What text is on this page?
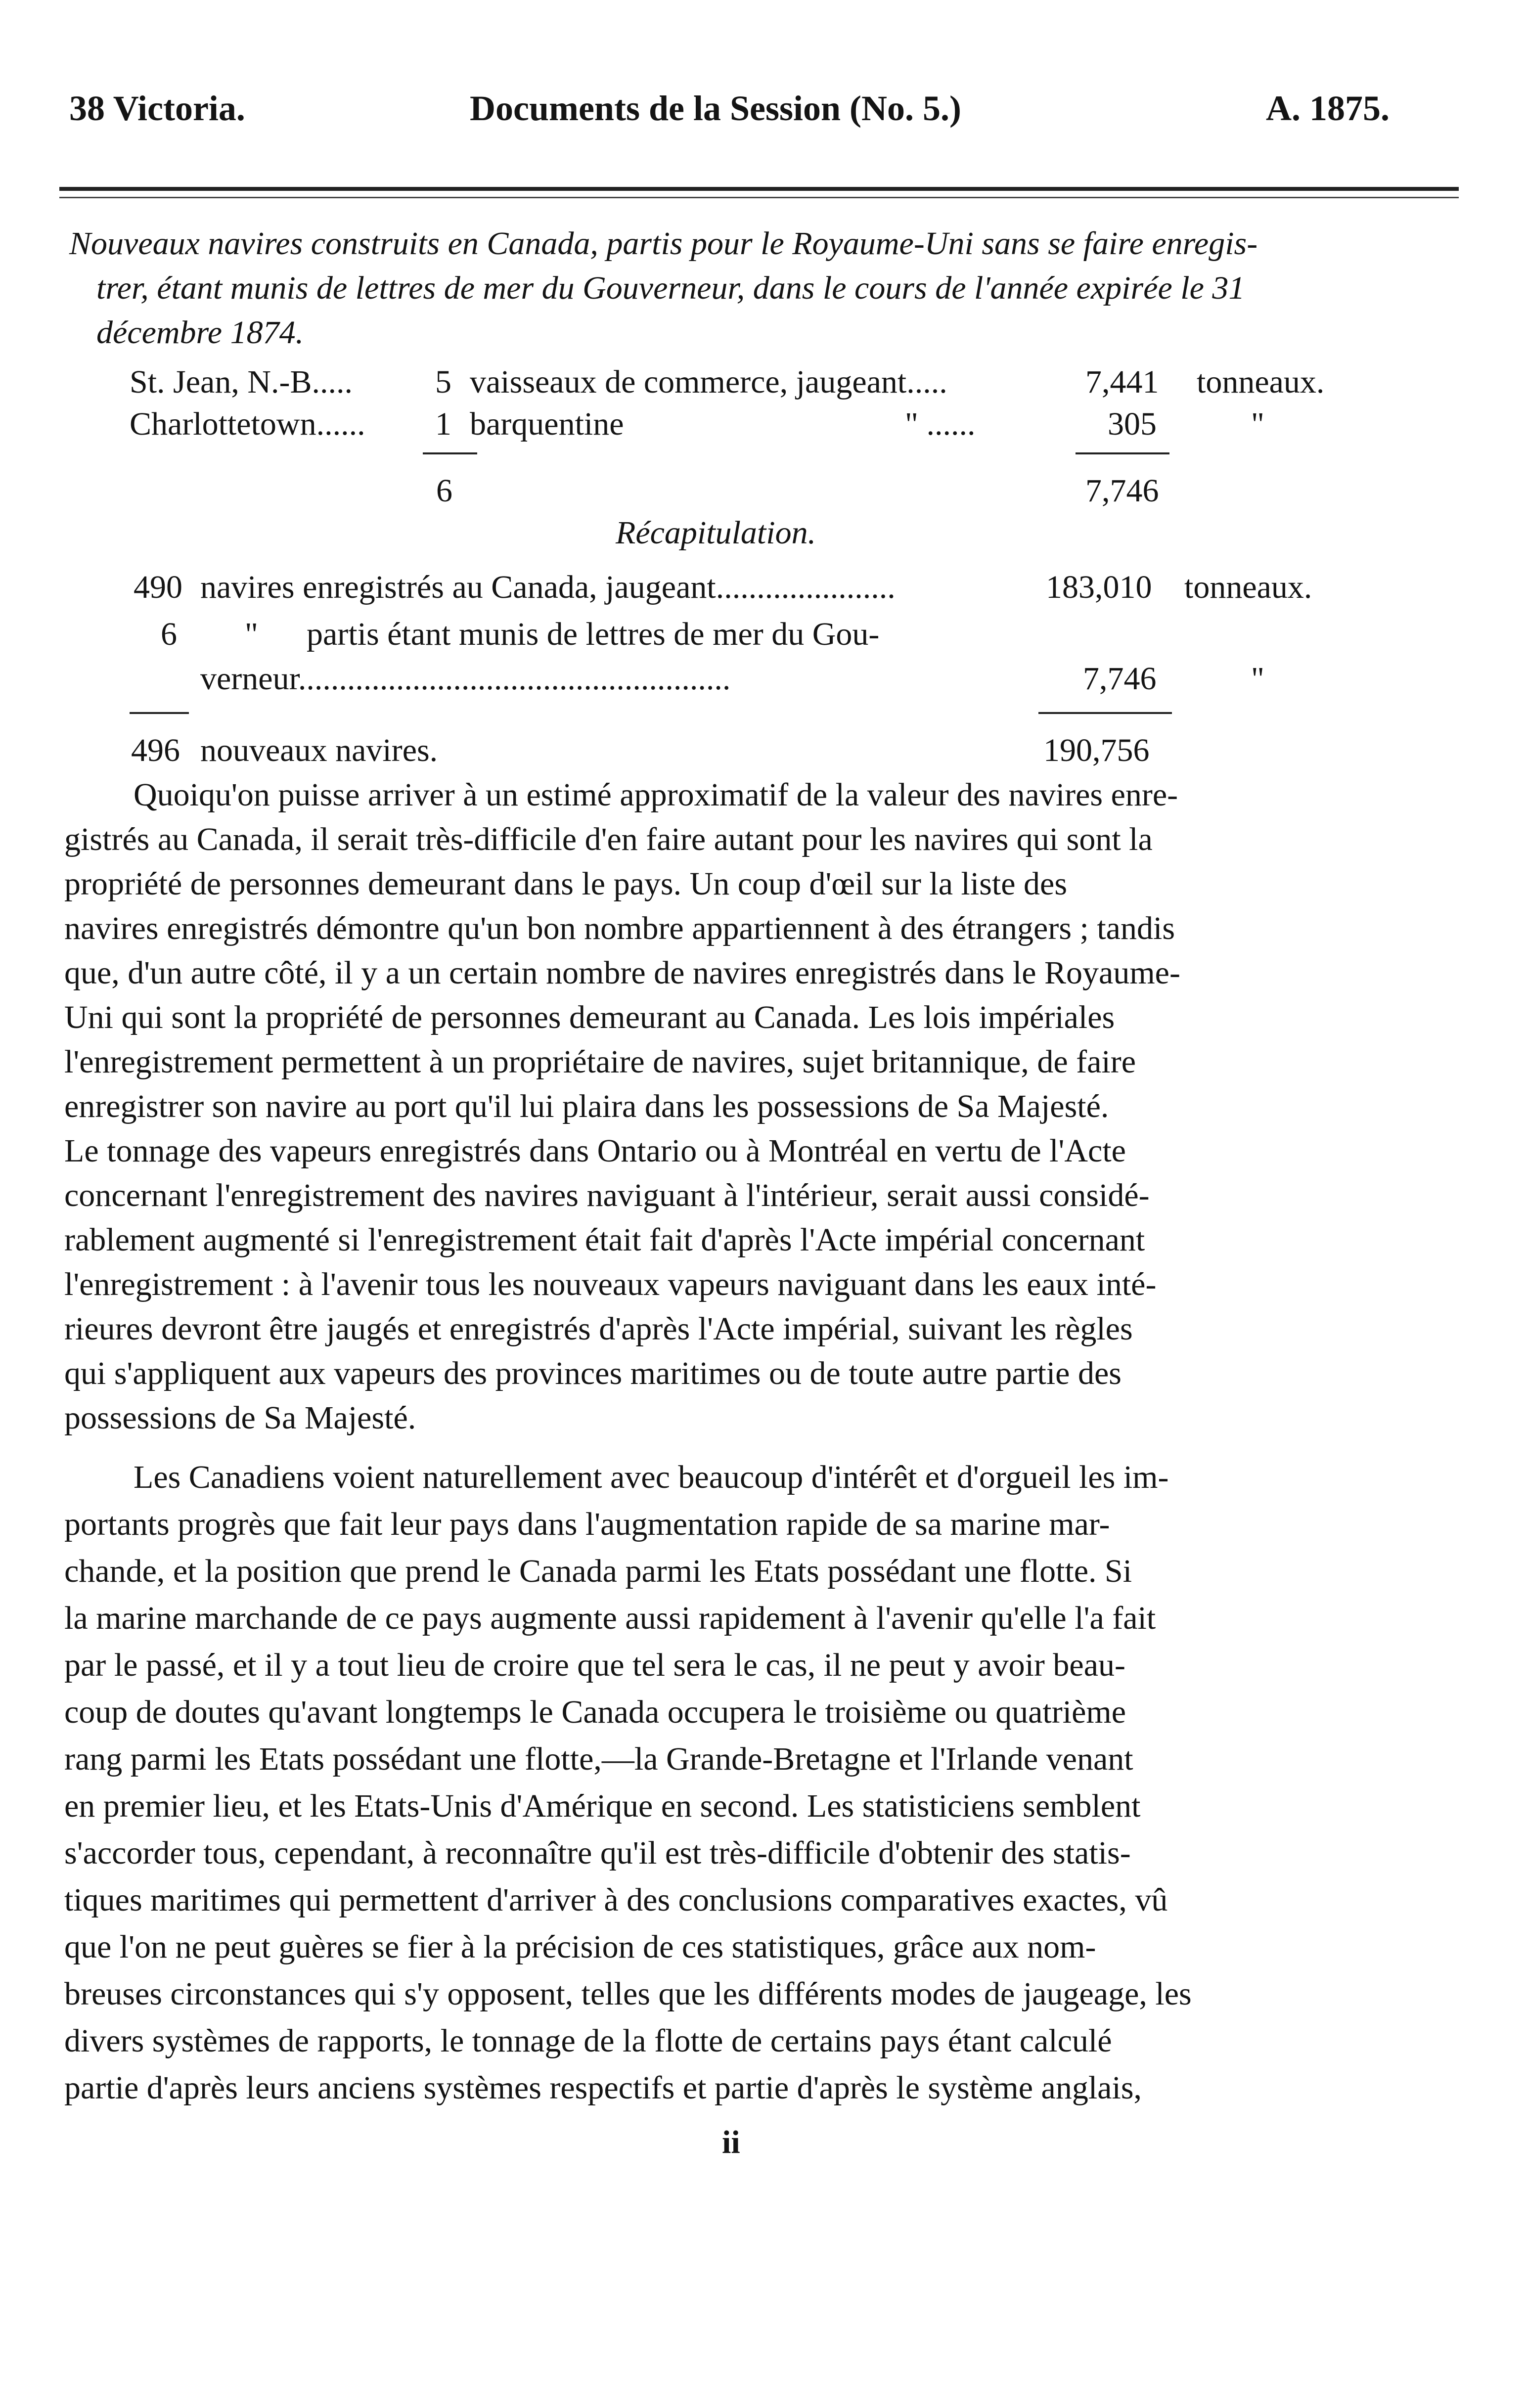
38 Victoria.	Documents de la Session (No. 5.)	A. 1875.
Nouveaux navires construits en Canada, partis pour le Royaume-Uni sans se faire enregis-
trer, étant munis de lettres de mer du Gouverneur, dans le cours de l'année expirée le 31
décembre 1874.
St. Jean, N.-B.....	5 vaisseaux de commerce, jaugeant.....	7,441 tonneaux.
Charlottetown...... 1 barquentine	" ......	305	"
6	7,746
Récapitulation.
490 navires enregistrés au Canada, jaugeant......................	183,010 tonneaux.
6 " partis étant munis de lettres de mer du Gou-
verneur.....................................................	7,746	"
496 nouveaux navires.	190,756
Quoiqu'on puisse arriver à un estimé approximatif de la valeur des navires enre-
gistrés au Canada, il serait très-difficile d'en faire autant pour les navires qui sont la
propriété de personnes demeurant dans le pays. Un coup d'œil sur la liste des
navires enregistrés démontre qu'un bon nombre appartiennent à des étrangers ; tandis
que, d'un autre côté, il y a un certain nombre de navires enregistrés dans le Royaume-
Uni qui sont la propriété de personnes demeurant au Canada. Les lois impériales
l'enregistrement permettent à un propriétaire de navires, sujet britannique, de faire
enregistrer son navire au port qu'il lui plaira dans les possessions de Sa Majesté.
Le tonnage des vapeurs enregistrés dans Ontario ou à Montréal en vertu de l'Acte
concernant l'enregistrement des navires naviguant à l'intérieur, serait aussi considé-
rablement augmenté si l'enregistrement était fait d'après l'Acte impérial concernant
l'enregistrement : à l'avenir tous les nouveaux vapeurs naviguant dans les eaux inté-
rieures devront être jaugés et enregistrés d'après l'Acte impérial, suivant les règles
qui s'appliquent aux vapeurs des provinces maritimes ou de toute autre partie des
possessions de Sa Majesté.
Les Canadiens voient naturellement avec beaucoup d'intérêt et d'orgueil les im-
portants progrès que fait leur pays dans l'augmentation rapide de sa marine mar-
chande, et la position que prend le Canada parmi les Etats possédant une flotte. Si
la marine marchande de ce pays augmente aussi rapidement à l'avenir qu'elle l'a fait
par le passé, et il y a tout lieu de croire que tel sera le cas, il ne peut y avoir beau-
coup de doutes qu'avant longtemps le Canada occupera le troisième ou quatrième
rang parmi les Etats possédant une flotte,—la Grande-Bretagne et l'Irlande venant
en premier lieu, et les Etats-Unis d'Amérique en second. Les statisticiens semblent
s'accorder tous, cependant, à reconnaître qu'il est très-difficile d'obtenir des statis-
tiques maritimes qui permettent d'arriver à des conclusions comparatives exactes, vû
que l'on ne peut guères se fier à la précision de ces statistiques, grâce aux nom-
breuses circonstances qui s'y opposent, telles que les différents modes de jaugeage, les
divers systèmes de rapports, le tonnage de la flotte de certains pays étant calculé
partie d'après leurs anciens systèmes respectifs et partie d'après le système anglais,
ii
